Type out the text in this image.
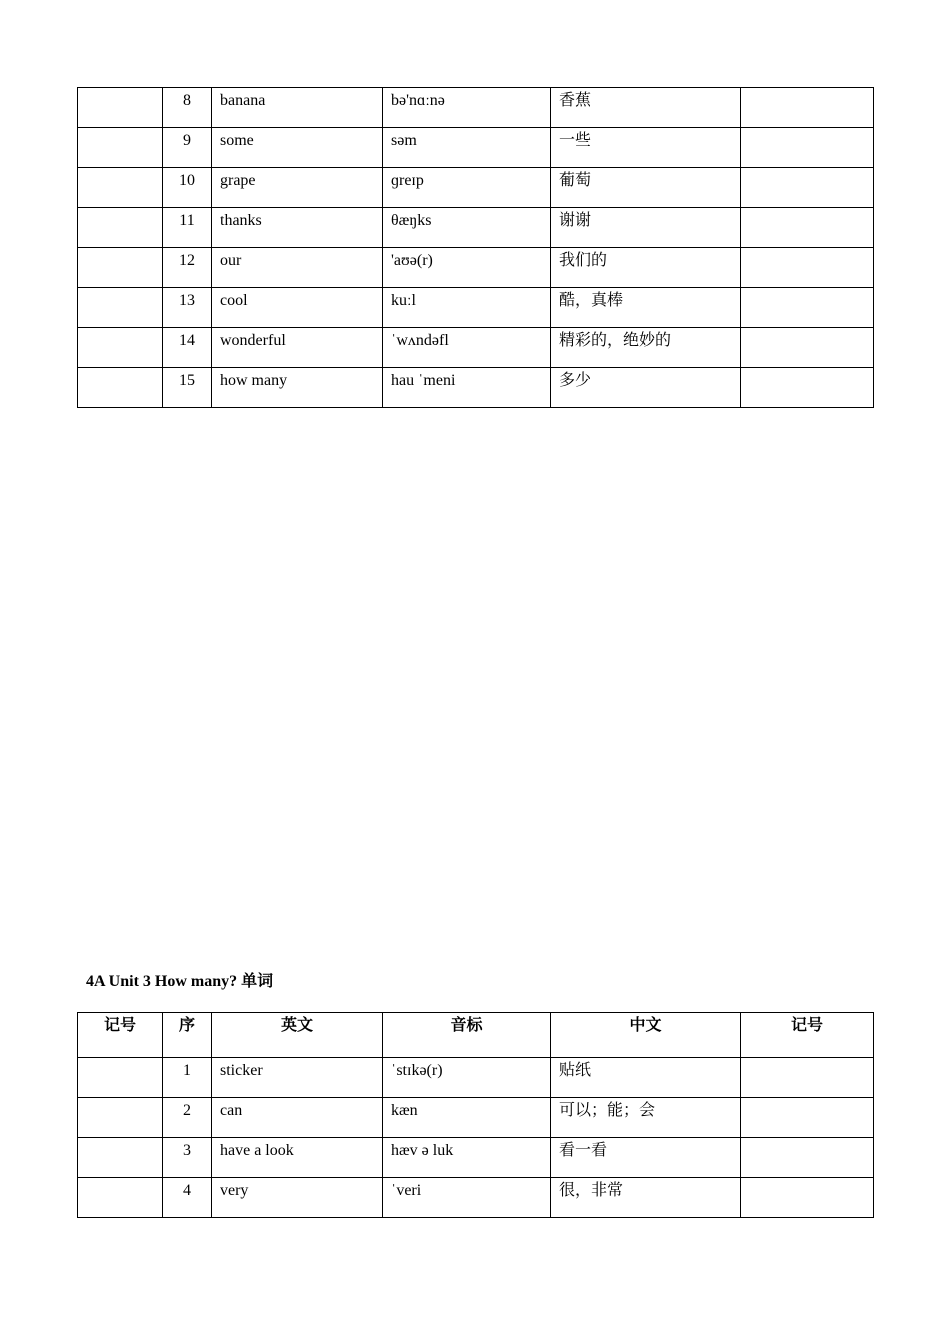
	8	banana	bə'nɑːnə	香蕉	
	9	some	səm	一些	
	10	grape	ɡreɪp	葡萄	
	11	thanks	θæŋks	谢谢	
	12	our	'aʊə(r)	我们的	
	13	cool	kuːl	酷，真棒	
	14	wonderful	ˈwʌndəfl	精彩的，绝妙的	
	15	how many	hau ˈmeni	多少	
4A Unit 3 How many? 单词
记号	序	英文	音标	中文	记号
	1	sticker	ˈstɪkə(r)	贴纸	
	2	can	kæn	可以；能；会	
	3	have a look	hæv ə luk	看一看	
	4	very	ˈveri	很，非常	
